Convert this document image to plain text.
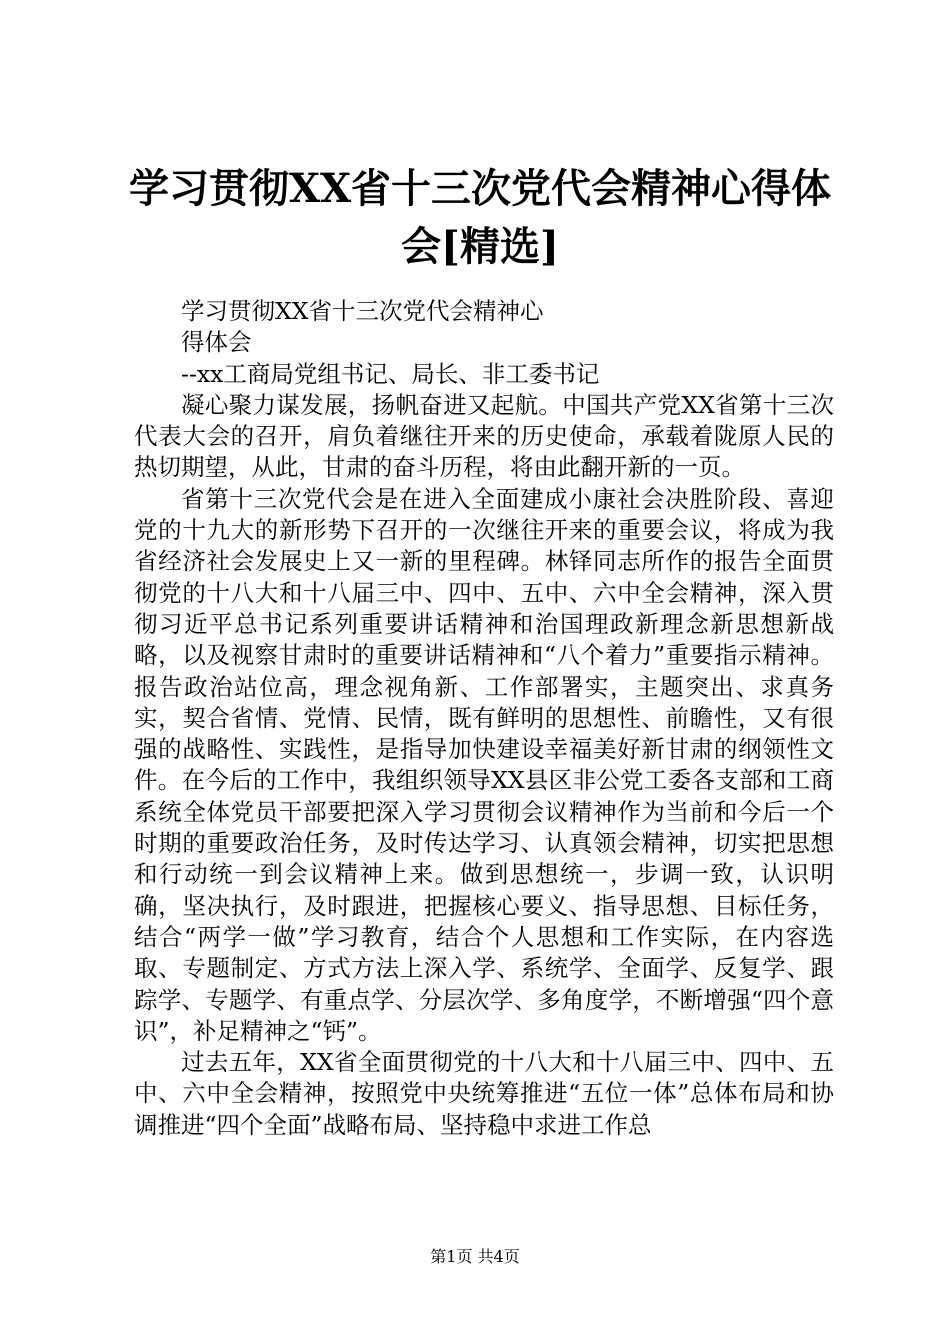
学习贯彻XX省十三次党代会精神心得体会[精选]

学习贯彻XX省十三次党代会精神心

得体会

--xx工商局党组书记、局长、非工委书记

凝心聚力谋发展，扬帆奋进又起航。中国共产党XX省第十三次代表大会的召开，肩负着继往开来的历史使命，承载着陇原人民的热切期望，从此，甘肃的奋斗历程，将由此翻开新的一页。

省第十三次党代会是在进入全面建成小康社会决胜阶段、喜迎党的十九大的新形势下召开的一次继往开来的重要会议，将成为我省经济社会发展史上又一新的里程碑。林铎同志所作的报告全面贯彻党的十八大和十八届三中、四中、五中、六中全会精神，深入贯彻习近平总书记系列重要讲话精神和治国理政新理念新思想新战略，以及视察甘肃时的重要讲话精神和“八个着力”重要指示精神。报告政治站位高，理念视角新、工作部署实，主题突出、求真务实，契合省情、党情、民情，既有鲜明的思想性、前瞻性，又有很强的战略性、实践性，是指导加快建设幸福美好新甘肃的纲领性文件。在今后的工作中，我组织领导XX县区非公党工委各支部和工商系统全体党员干部要把深入学习贯彻会议精神作为当前和今后一个时期的重要政治任务，及时传达学习、认真领会精神，切实把思想和行动统一到会议精神上来。做到思想统一，步调一致，认识明确，坚决执行，及时跟进，把握核心要义、指导思想、目标任务，结合“两学一做”学习教育，结合个人思想和工作实际，在内容选取、专题制定、方式方法上深入学、系统学、全面学、反复学、跟踪学、专题学、有重点学、分层次学、多角度学，不断增强“四个意识”，补足精神之“钙”。

过去五年，XX省全面贯彻党的十八大和十八届三中、四中、五中、六中全会精神，按照党中央统筹推进“五位一体”总体布局和协调推进“四个全面”战略布局、坚持稳中求进工作总

第1页 共4页
